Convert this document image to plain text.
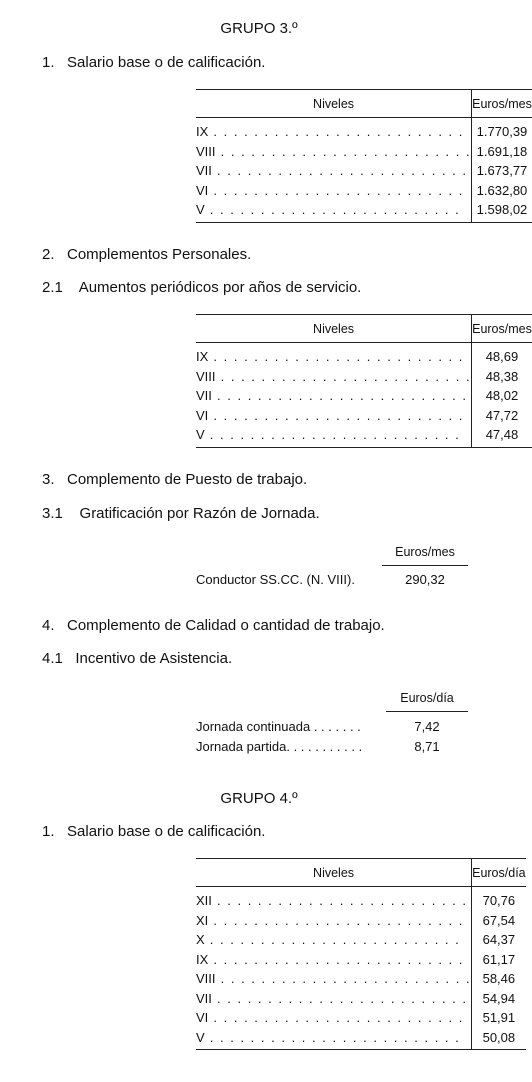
GRUPO 3.º
1.   Salario base o de calificación.
Niveles	Euros/mes
IX . . . . . . . . . . . . . . . . . . . . . . . . .	1.770,39
VIII . . . . . . . . . . . . . . . . . . . . . . . . .	1.691,18
VII . . . . . . . . . . . . . . . . . . . . . . . . .	1.673,77
VI . . . . . . . . . . . . . . . . . . . . . . . . .	1.632,80
V . . . . . . . . . . . . . . . . . . . . . . . . .	1.598,02
2.   Complementos Personales.
2.1    Aumentos periódicos por años de servicio.
Niveles	Euros/mes
IX . . . . . . . . . . . . . . . . . . . . . . . . .	48,69
VIII . . . . . . . . . . . . . . . . . . . . . . . . .	48,38
VII . . . . . . . . . . . . . . . . . . . . . . . . .	48,02
VI . . . . . . . . . . . . . . . . . . . . . . . . .	47,72
V . . . . . . . . . . . . . . . . . . . . . . . . .	47,48
3.   Complemento de Puesto de trabajo.
3.1    Gratificación por Razón de Jornada.
Euros/mes
Conductor SS.CC. (N. VIII).	290,32
4.   Complemento de Calidad o cantidad de trabajo.
4.1   Incentivo de Asistencia.
Euros/día
Jornada continuada . . . . . . .	7,42
Jornada partida. . . . . . . . . . .	8,71
GRUPO 4.º
1.   Salario base o de calificación.
Niveles	Euros/día
XII . . . . . . . . . . . . . . . . . . . . . . . . .	70,76
XI . . . . . . . . . . . . . . . . . . . . . . . . .	67,54
X . . . . . . . . . . . . . . . . . . . . . . . . .	64,37
IX . . . . . . . . . . . . . . . . . . . . . . . . .	61,17
VIII . . . . . . . . . . . . . . . . . . . . . . . . .	58,46
VII . . . . . . . . . . . . . . . . . . . . . . . . .	54,94
VI . . . . . . . . . . . . . . . . . . . . . . . . .	51,91
V . . . . . . . . . . . . . . . . . . . . . . . . .	50,08
